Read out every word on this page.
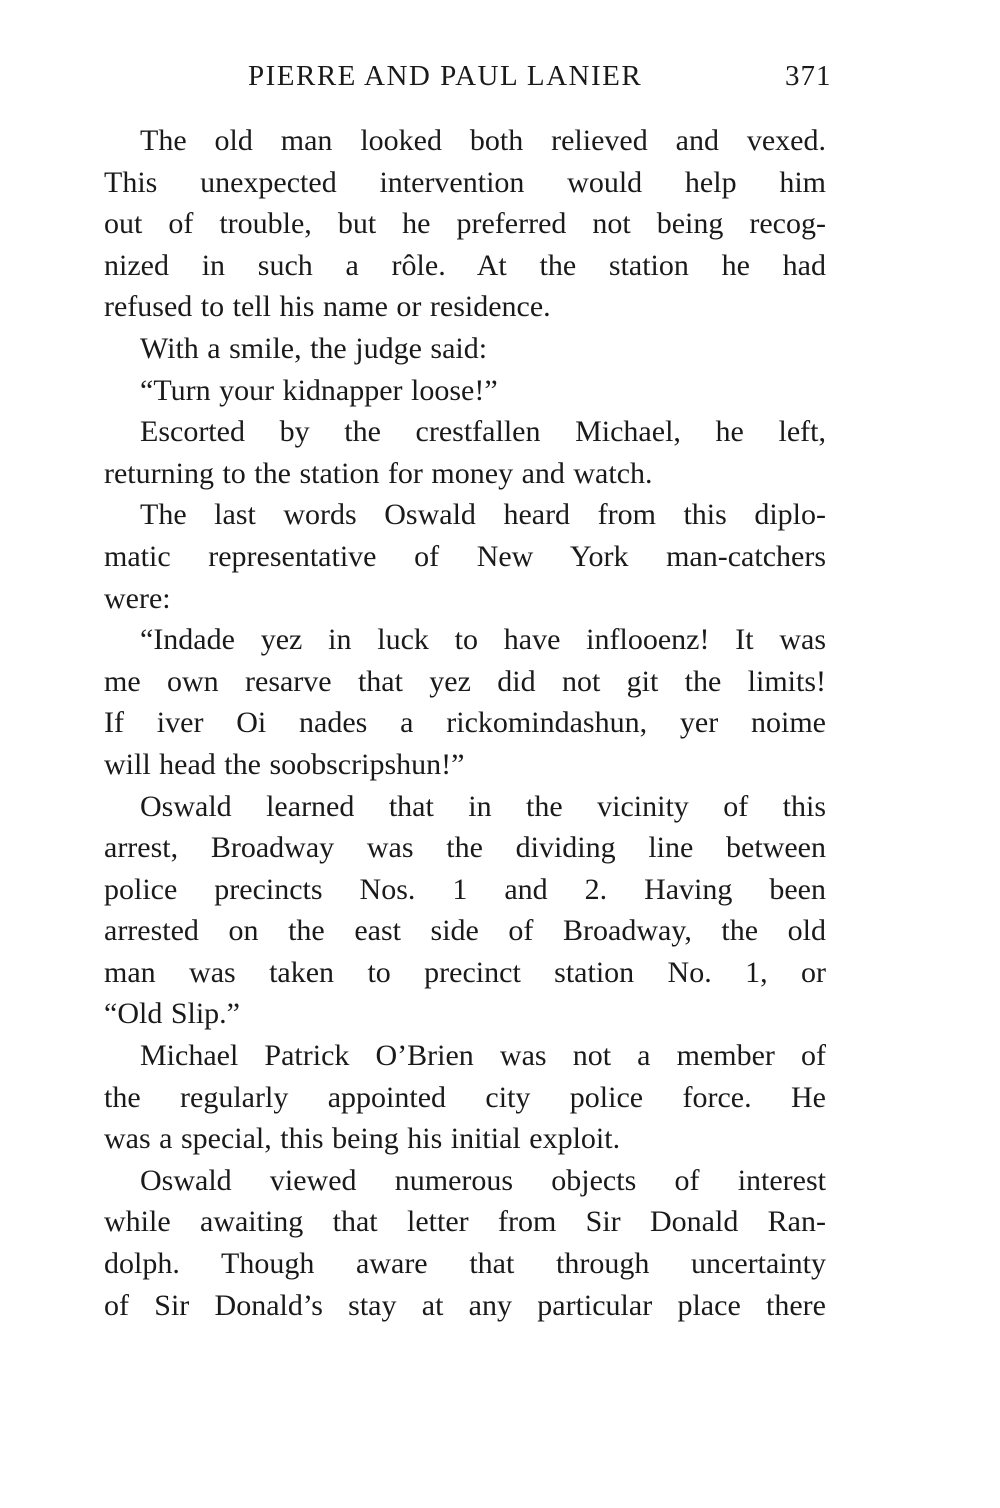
PIERRE AND PAUL LANIER	371
The old man looked both relieved and vexed.
This unexpected intervention would help him
out of trouble, but he preferred not being recog-
nized in such a rôle. At the station he had
refused to tell his name or residence.
With a smile, the judge said:
“Turn your kidnapper loose!”
Escorted by the crestfallen Michael, he left,
returning to the station for money and watch.
The last words Oswald heard from this diplo-
matic representative of New York man-catchers
were:
“Indade yez in luck to have inflooenz! It was
me own resarve that yez did not git the limits!
If iver Oi nades a rickomindashun, yer noime
will head the soobscripshun!”
Oswald learned that in the vicinity of this
arrest, Broadway was the dividing line between
police precincts Nos. 1 and 2. Having been
arrested on the east side of Broadway, the old
man was taken to precinct station No. 1, or
“Old Slip.”
Michael Patrick O’Brien was not a member of
the regularly appointed city police force. He
was a special, this being his initial exploit.
Oswald viewed numerous objects of interest
while awaiting that letter from Sir Donald Ran-
dolph. Though aware that through uncertainty
of Sir Donald’s stay at any particular place there
